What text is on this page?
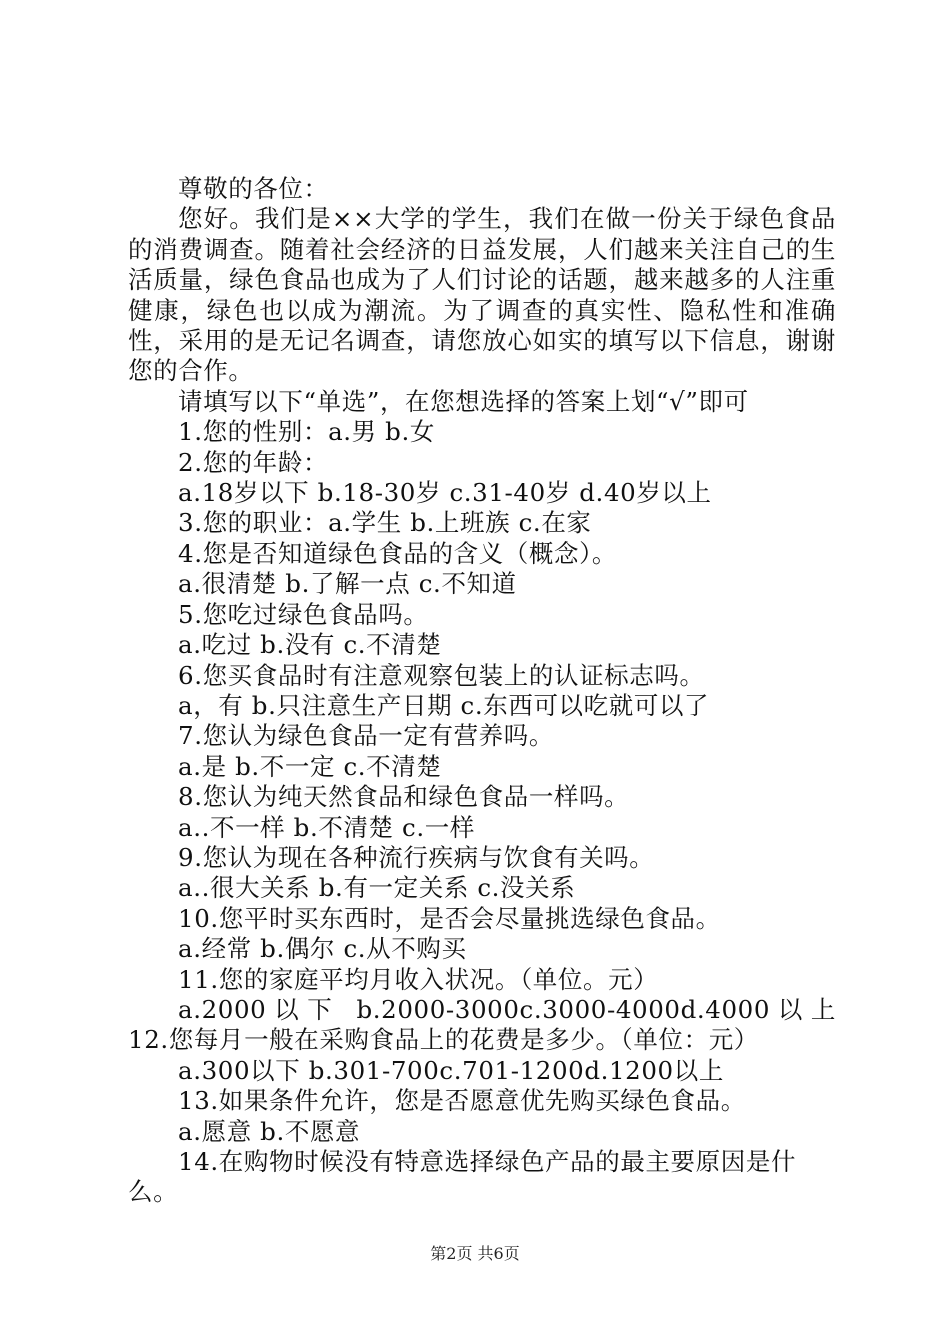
尊敬的各位：

您好。我们是××大学的学生，我们在做一份关于绿色食品的消费调查。随着社会经济的日益发展，人们越来关注自己的生活质量，绿色食品也成为了人们讨论的话题，越来越多的人注重健康，绿色也以成为潮流。为了调查的真实性、隐私性和准确性，采用的是无记名调查，请您放心如实的填写以下信息，谢谢您的合作。

请填写以下“单选”，在您想选择的答案上划“√”即可

1.您的性别：a.男 b.女

2.您的年龄：

a.18岁以下 b.18-30岁 c.31-40岁 d.40岁以上

3.您的职业：a.学生 b.上班族 c.在家

4.您是否知道绿色食品的含义（概念）。

a.很清楚 b.了解一点 c.不知道

5.您吃过绿色食品吗。

a.吃过 b.没有 c.不清楚

6.您买食品时有注意观察包装上的认证标志吗。

a，有 b.只注意生产日期 c.东西可以吃就可以了

7.您认为绿色食品一定有营养吗。

a.是 b.不一定 c.不清楚

8.您认为纯天然食品和绿色食品一样吗。

a..不一样 b.不清楚 c.一样

9.您认为现在各种流行疾病与饮食有关吗。

a..很大关系 b.有一定关系 c.没关系

10.您平时买东西时，是否会尽量挑选绿色食品。

a.经常 b.偶尔 c.从不购买

11.您的家庭平均月收入状况。（单位。元）

a.2000以下 b.2000-3000c.3000-4000d.4000以上 12.您每月一般在采购食品上的花费是多少。（单位：元）

a.300以下 b.301-700c.701-1200d.1200以上

13.如果条件允许，您是否愿意优先购买绿色食品。

a.愿意 b.不愿意

14.在购物时候没有特意选择绿色产品的最主要原因是什么。

第2页 共6页
